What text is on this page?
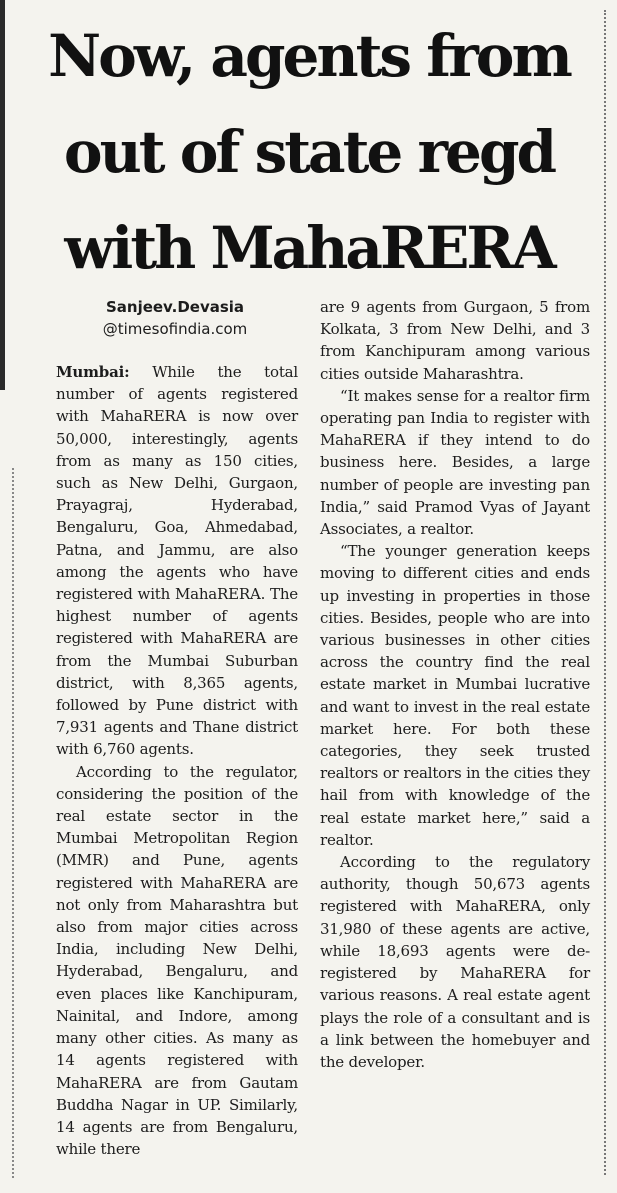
Now, agents from out of state regd with MahaRERA
Sanjeev.Devasia
@timesofindia.com

Mumbai: While the total number of agents registered with MahaRERA is now over 50,000, interestingly, agents from as many as 150 cities, such as New Delhi, Gurgaon, Prayagraj, Hyderabad, Bengaluru, Goa, Ahmedabad, Patna, and Jammu, are also among the agents who have registered with MahaRERA. The highest number of agents registered with MahaRERA are from the Mumbai Suburban district, with 8,365 agents, followed by Pune district with 7,931 agents and Thane district with 6,760 agents.

According to the regulator, considering the position of the real estate sector in the Mumbai Metropolitan Region (MMR) and Pune, agents registered with MahaRERA are not only from Maharashtra but also from major cities across India, including New Delhi, Hyderabad, Bengaluru, and even places like Kanchipuram, Nainital, and Indore, among many other cities. As many as 14 agents registered with MahaRERA are from Gautam Buddha Nagar in UP. Similarly, 14 agents are from Bengaluru, while there

are 9 agents from Gurgaon, 5 from Kolkata, 3 from New Delhi, and 3 from Kanchipuram among various cities outside Maharashtra.

“It makes sense for a realtor firm operating pan India to register with MahaRERA if they intend to do business here. Besides, a large number of people are investing pan India,” said Pramod Vyas of Jayant Associates, a realtor.

“The younger generation keeps moving to different cities and ends up investing in properties in those cities. Besides, people who are into various businesses in other cities across the country find the real estate market in Mumbai lucrative and want to invest in the real estate market here. For both these categories, they seek trusted realtors or realtors in the cities they hail from with knowledge of the real estate market here,” said a realtor.

According to the regulatory authority, though 50,673 agents registered with MahaRERA, only 31,980 of these agents are active, while 18,693 agents were de-registered by MahaRERA for various reasons. A real estate agent plays the role of a consultant and is a link between the homebuyer and the developer.
